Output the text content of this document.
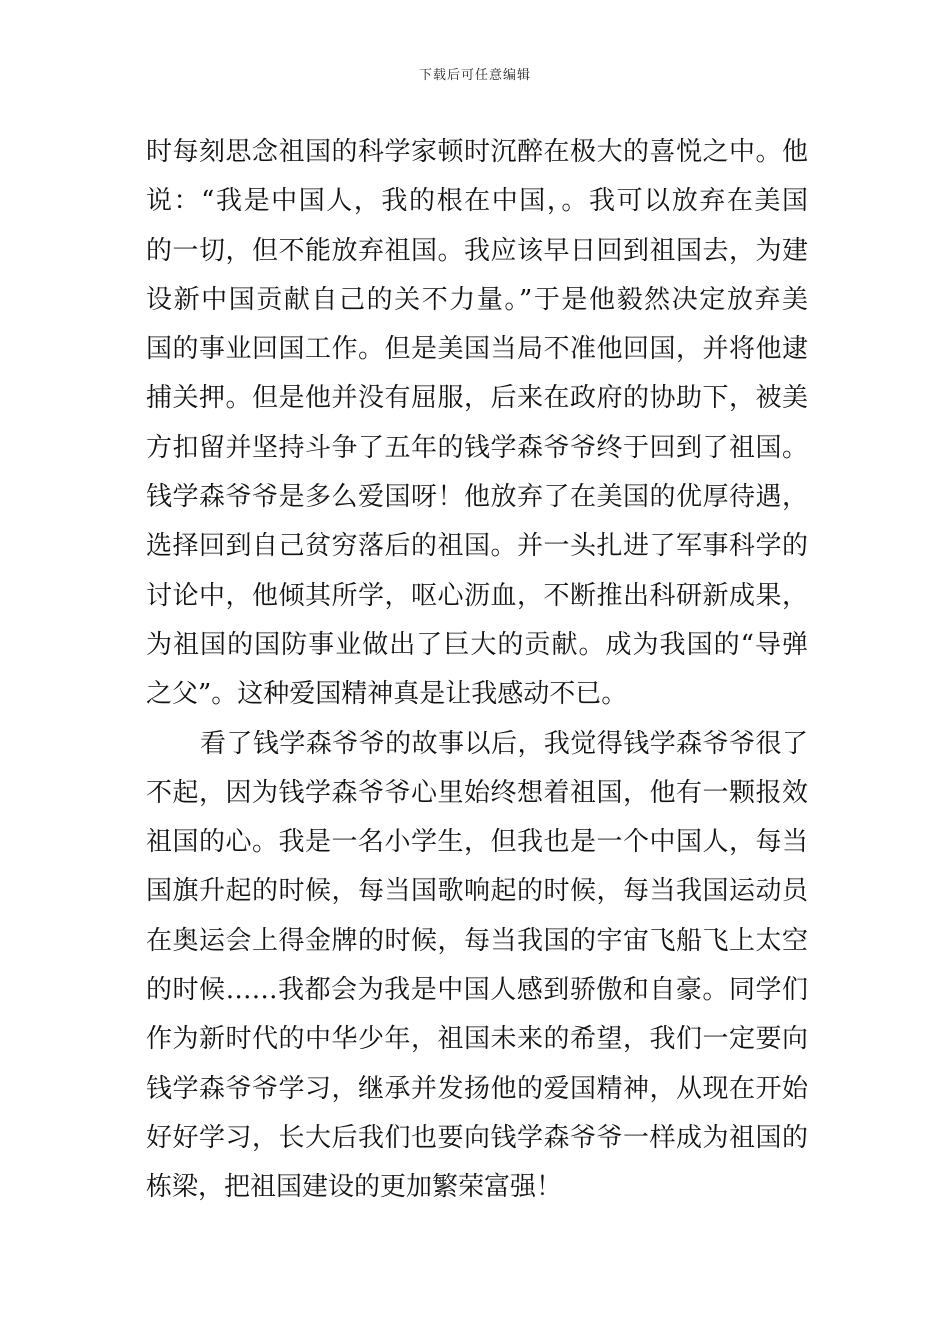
下载后可任意编辑
时每刻思念祖国的科学家顿时沉醉在极大的喜悦之中。他
说：“我是中国人，我的根在中国，。我可以放弃在美国
的一切，但不能放弃祖国。我应该早日回到祖国去，为建
设新中国贡献自己的关不力量。”于是他毅然决定放弃美
国的事业回国工作。但是美国当局不准他回国，并将他逮
捕关押。但是他并没有屈服，后来在政府的协助下，被美
方扣留并坚持斗争了五年的钱学森爷爷终于回到了祖国。
钱学森爷爷是多么爱国呀！他放弃了在美国的优厚待遇，
选择回到自己贫穷落后的祖国。并一头扎进了军事科学的
讨论中，他倾其所学，呕心沥血，不断推出科研新成果，
为祖国的国防事业做出了巨大的贡献。成为我国的“导弹
之父”。这种爱国精神真是让我感动不已。
看了钱学森爷爷的故事以后，我觉得钱学森爷爷很了
不起，因为钱学森爷爷心里始终想着祖国，他有一颗报效
祖国的心。我是一名小学生，但我也是一个中国人，每当
国旗升起的时候，每当国歌响起的时候，每当我国运动员
在奥运会上得金牌的时候，每当我国的宇宙飞船飞上太空
的时候……我都会为我是中国人感到骄傲和自豪。同学们
作为新时代的中华少年，祖国未来的希望，我们一定要向
钱学森爷爷学习，继承并发扬他的爱国精神，从现在开始
好好学习，长大后我们也要向钱学森爷爷一样成为祖国的
栋梁，把祖国建设的更加繁荣富强！
